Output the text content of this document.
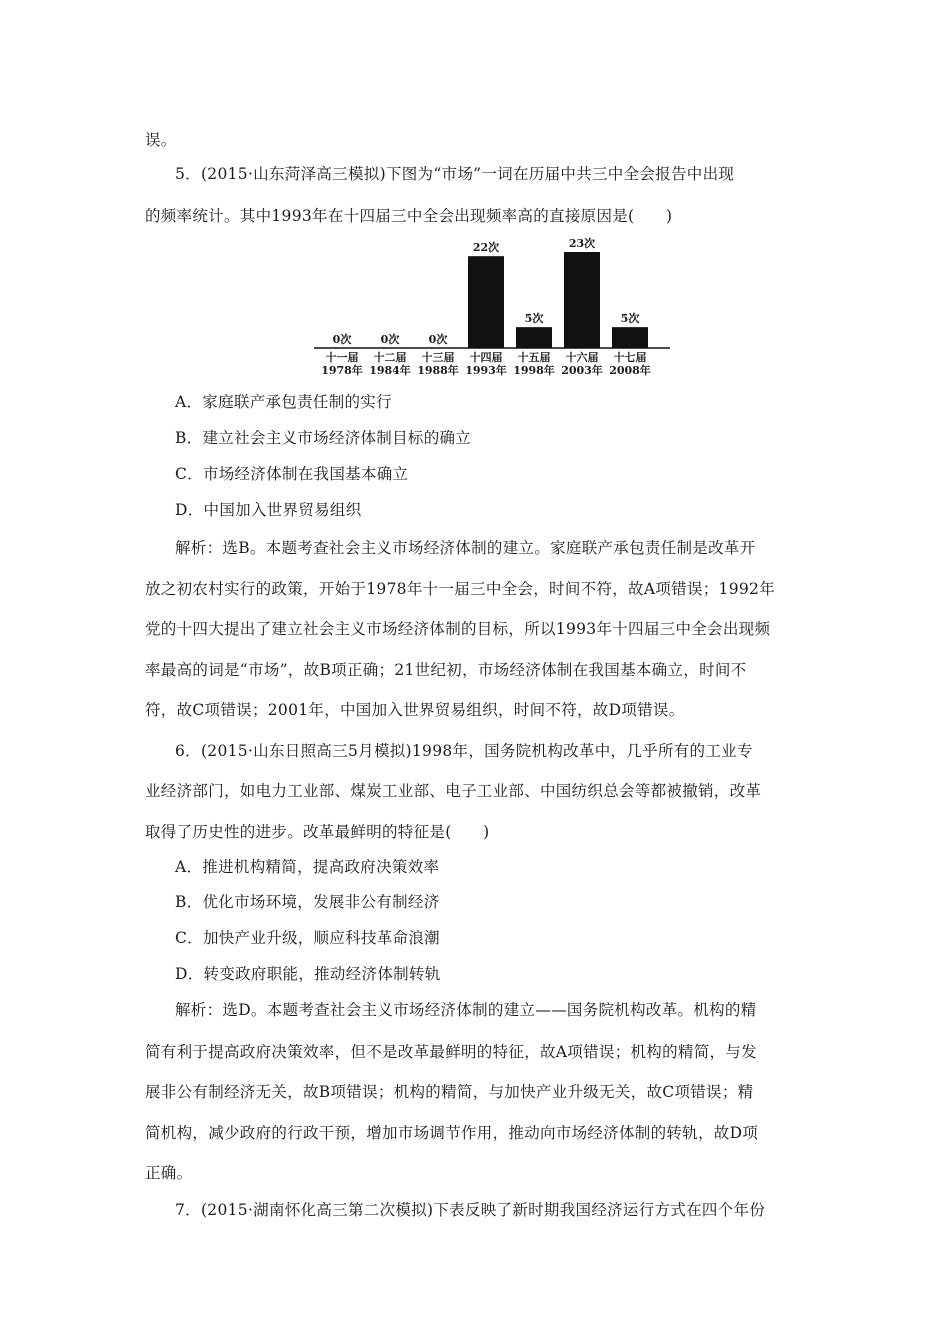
误。
5．(2015·山东菏泽高三模拟)下图为“市场”一词在历届中共三中全会报告中出现
的频率统计。其中1993年在十四届三中全会出现频率高的直接原因是(　　)
0次
十一届
1978年
0次
十二届
1984年
0次
十三届
1988年
22次
十四届
1993年
5次
十五届
1998年
23次
十六届
2003年
5次
十七届
2008年
A．家庭联产承包责任制的实行
B．建立社会主义市场经济体制目标的确立
C．市场经济体制在我国基本确立
D．中国加入世界贸易组织
解析：选B。本题考查社会主义市场经济体制的建立。家庭联产承包责任制是改革开
放之初农村实行的政策，开始于1978年十一届三中全会，时间不符，故A项错误；1992年
党的十四大提出了建立社会主义市场经济体制的目标，所以1993年十四届三中全会出现频
率最高的词是“市场”，故B项正确；21世纪初，市场经济体制在我国基本确立，时间不
符，故C项错误；2001年，中国加入世界贸易组织，时间不符，故D项错误。
6．(2015·山东日照高三5月模拟)1998年，国务院机构改革中，几乎所有的工业专
业经济部门，如电力工业部、煤炭工业部、电子工业部、中国纺织总会等都被撤销，改革
取得了历史性的进步。改革最鲜明的特征是(　　)
A．推进机构精简，提高政府决策效率
B．优化市场环境，发展非公有制经济
C．加快产业升级，顺应科技革命浪潮
D．转变政府职能，推动经济体制转轨
解析：选D。本题考查社会主义市场经济体制的建立——国务院机构改革。机构的精
简有利于提高政府决策效率，但不是改革最鲜明的特征，故A项错误；机构的精简，与发
展非公有制经济无关，故B项错误；机构的精简，与加快产业升级无关，故C项错误；精
简机构，减少政府的行政干预，增加市场调节作用，推动向市场经济体制的转轨，故D项
正确。
7．(2015·湖南怀化高三第二次模拟)下表反映了新时期我国经济运行方式在四个年份
